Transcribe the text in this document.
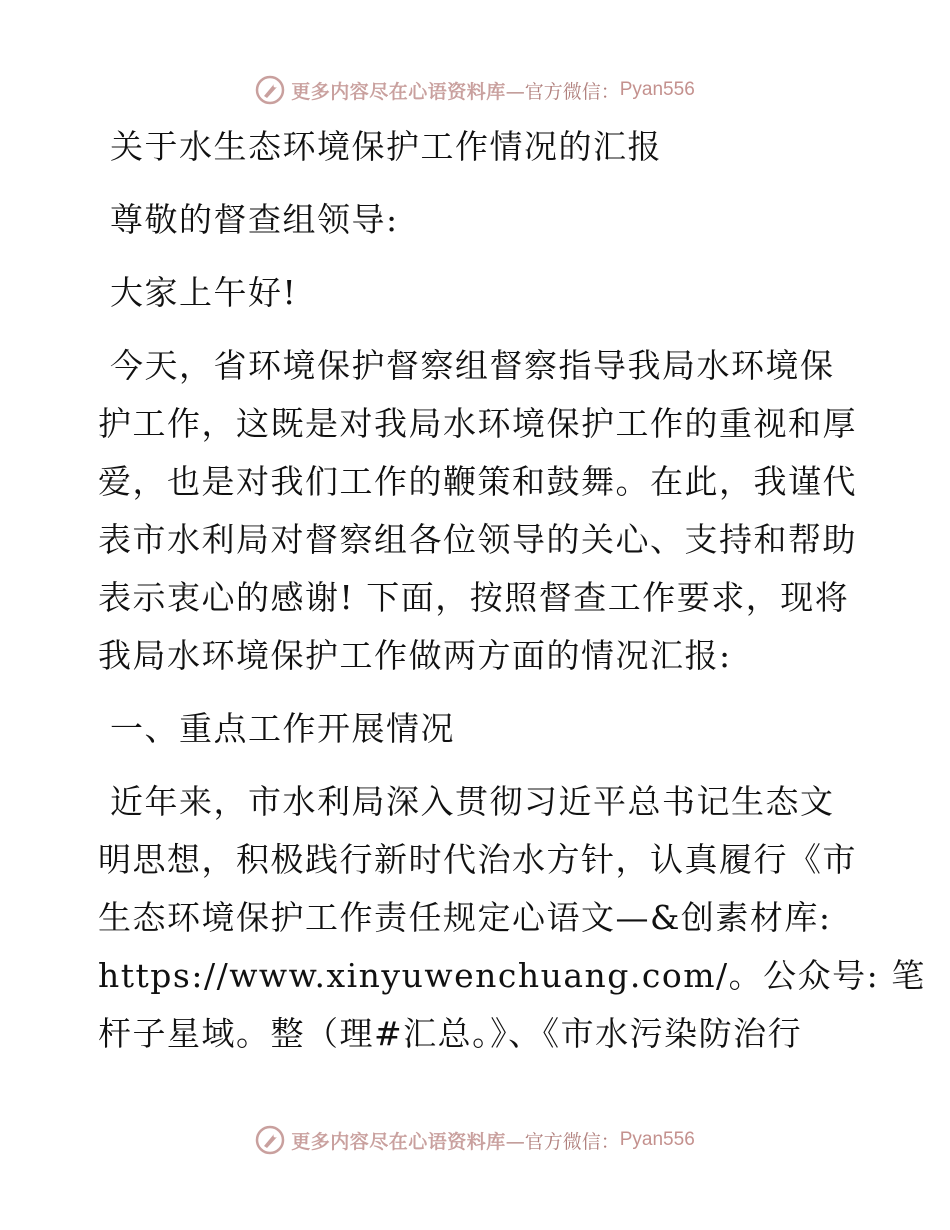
更多内容尽在心语资料库 —官方微信： Pyan556
关于水生态环境保护工作情况的汇报
尊敬的督查组领导:
大家上午好!
今天，省环境保护督察组督察指导我局水环境保
护工作，这既是对我局水环境保护工作的重视和厚
爱，也是对我们工作的鞭策和鼓舞。在此，我谨代
表市水利局对督察组各位领导的关心、支持和帮助
表示衷心的感谢! 下面，按照督查工作要求，现将
我局水环境保护工作做两方面的情况汇报:
一、重点工作开展情况
近年来，市水利局深入贯彻习近平总书记生态文
明思想，积极践行新时代治水方针，认真履行《市
生态环境保护工作责任规定心语文—&创素材库:
https://www.xinyuwenchuang.com/。公众号: 笔
杆子星域。整（理#汇总。》、《市水污染防治行
更多内容尽在心语资料库 —官方微信： Pyan556
